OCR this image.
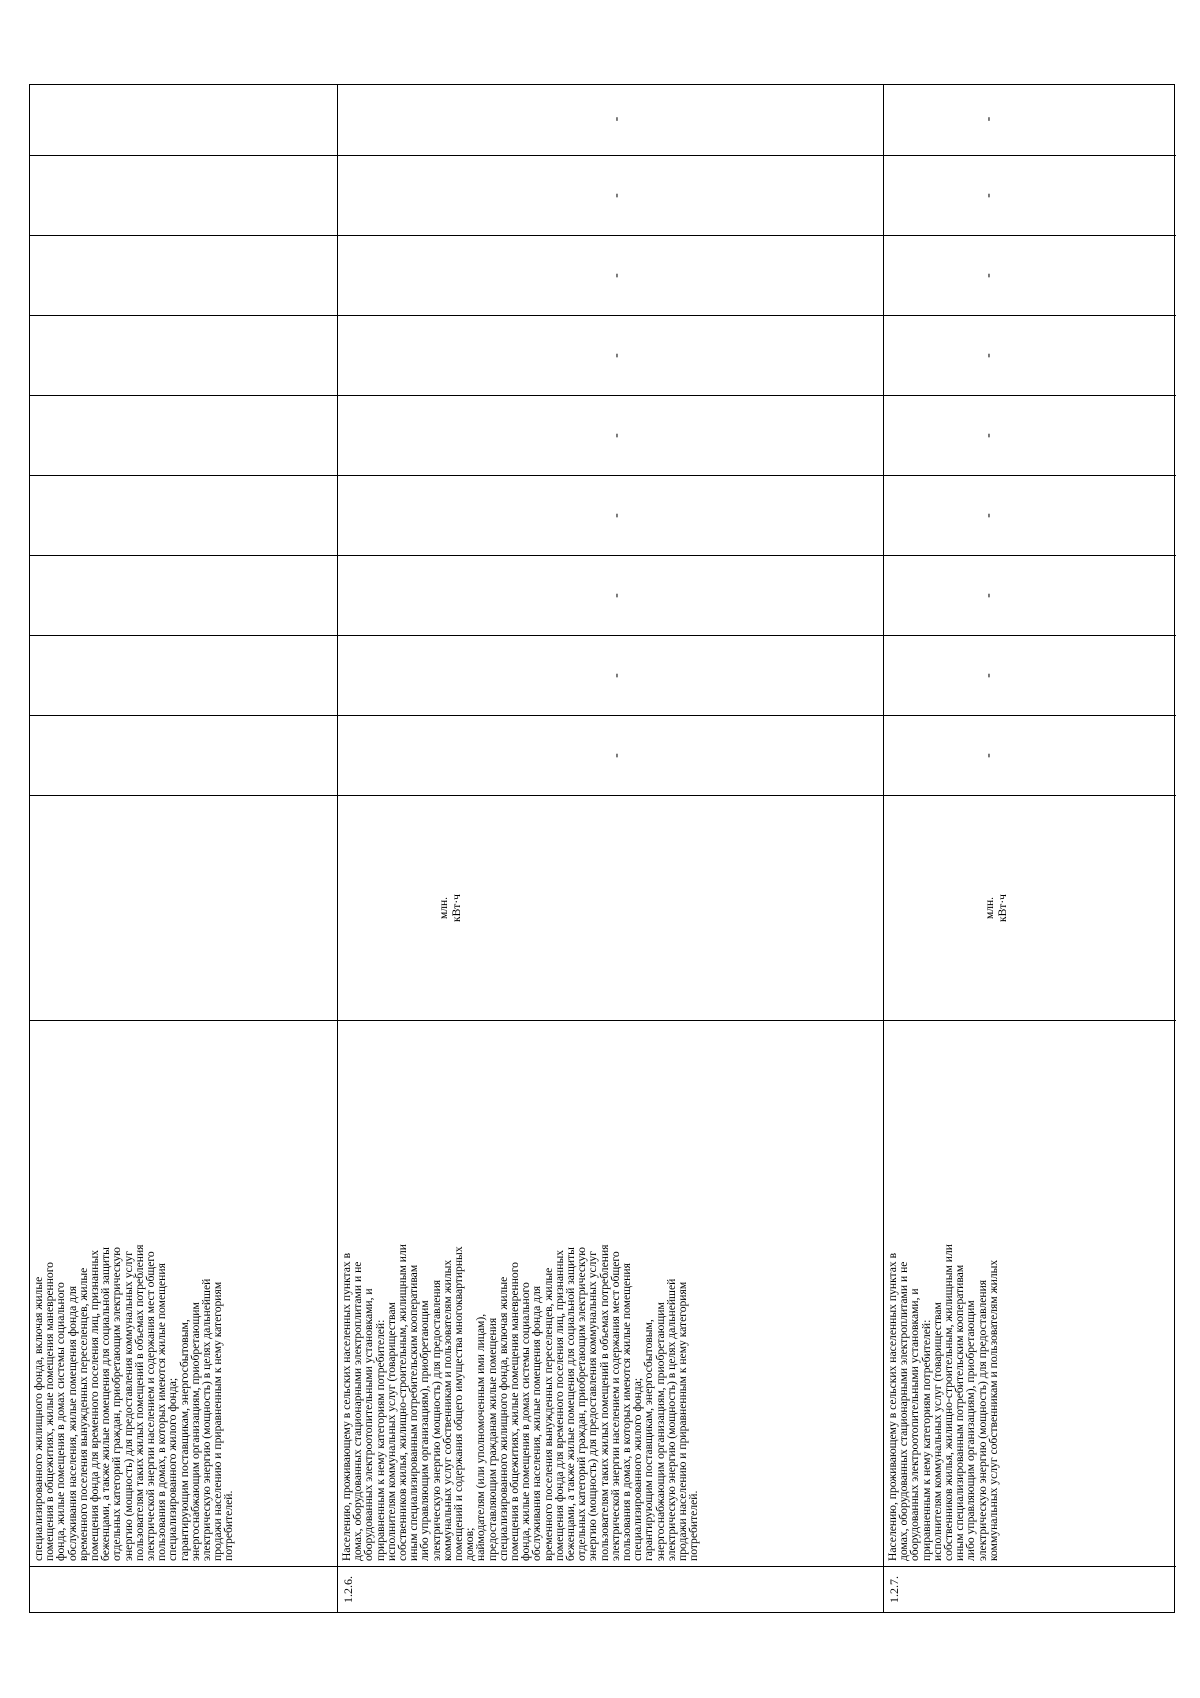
специализированного жилищного фонда, включая жилые
помещения в общежитиях, жилые помещения маневренного
фонда, жилые помещения в домах системы социального
обслуживания населения, жилые помещения фонда для
временного поселения вынужденных переселенцев, жилые
помещения фонда для временного поселения лиц, признанных
беженцами, а также жилые помещения для социальной защиты
отдельных категорий граждан, приобретающим электрическую
энергию (мощность) для предоставления коммунальных услуг
пользователям таких жилых помещений в объемах потребления
электрической энергии населением и содержания мест общего
пользования в домах, в которых имеются жилые помещения
специализированного жилого фонда;
гарантирующим поставщикам, энергосбытовым,
энергоснабжающим организациям, приобретающим
электрическую энергию (мощность) в целях дальнейшей
продажи населению и приравненным к нему категориям
потребителей.
1.2.6.
Населению, проживающему в сельских населенных пунктах в
домах, оборудованных стационарными электроплитами и не
оборудованных электроотопительными установками, и
приравненным к нему категориям потребителей:
исполнителям коммунальных услуг (товариществам
собственников жилья, жилищно-строительным, жилищным или
иным специализированным потребительским кооперативам
либо управляющим организациям), приобретающим
электрическую энергию (мощность) для предоставления
коммунальных услуг собственникам и пользователям жилых
помещений и содержания общего имущества многоквартирных
домов;
наймодателям (или уполномоченным ими лицам),
предоставляющим гражданам жилые помещения
специализированного жилищного фонда, включая жилые
помещения в общежитиях, жилые помещения маневренного
фонда, жилые помещения в домах системы социального
обслуживания населения, жилые помещения фонда для
временного поселения вынужденных переселенцев, жилые
помещения фонда для временного поселения лиц, признанных
беженцами, а также жилые помещения для социальной защиты
отдельных категорий граждан, приобретающим электрическую
энергию (мощность) для предоставления коммунальных услуг
пользователям таких жилых помещений в объемах потребления
электрической энергии населением и содержания мест общего
пользования в домах, в которых имеются жилые помещения
специализированного жилого фонда;
гарантирующим поставщикам, энергосбытовым,
энергоснабжающим организациям, приобретающим
электрическую энергию (мощность) в целях дальнейшей
продажи населению и приравненным к нему категориям
потребителей.
млн. кВт·ч
-
-
-
-
-
-
-
-
-
1.2.7.
Населению, проживающему в сельских населенных пунктах в
домах, оборудованных стационарными электроплитами и не
оборудованных электроотопительными установками, и
приравненным к нему категориям потребителей:
исполнителям коммунальных услуг (товариществам
собственников жилья, жилищно-строительным, жилищным или
иным специализированным потребительским кооперативам
либо управляющим организациям), приобретающим
электрическую энергию (мощность) для предоставления
коммунальных услуг собственникам и пользователям жилых
млн. кВт·ч
-
-
-
-
-
-
-
-
-
